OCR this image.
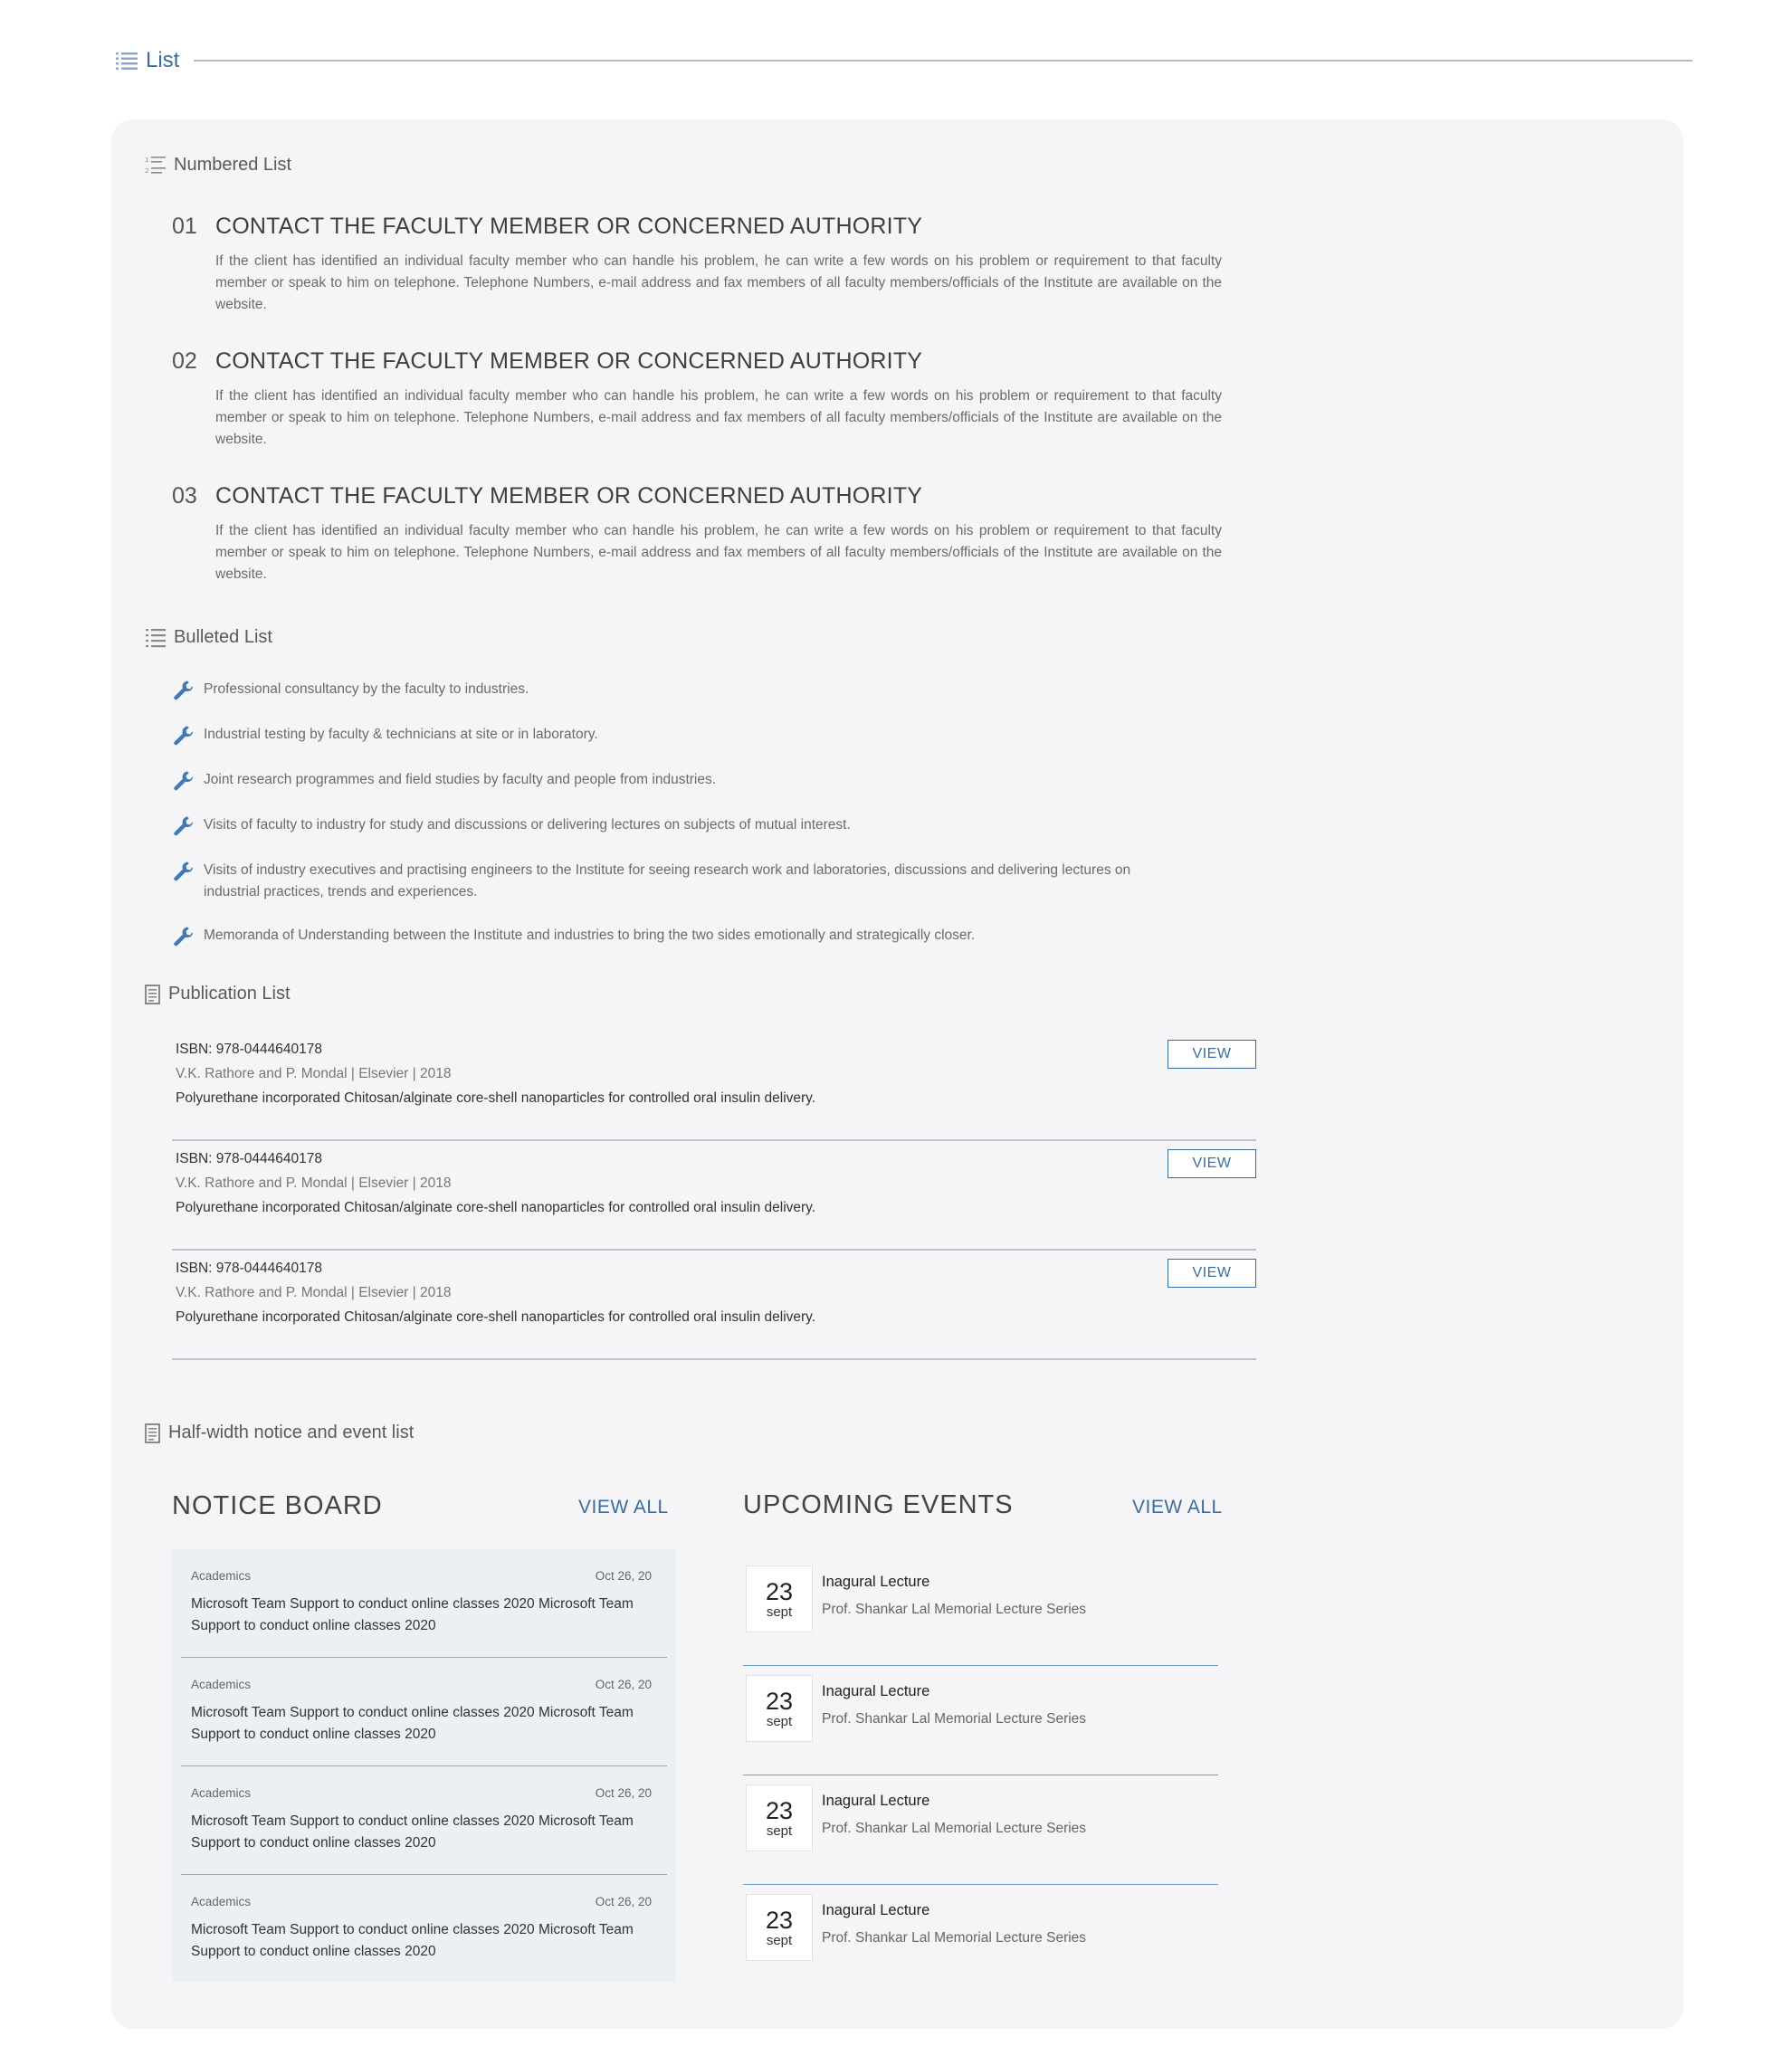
List
1
2 Numbered List
01 CONTACT THE FACULTY MEMBER OR CONCERNED AUTHORITY

If the client has identified an individual faculty member who can handle his problem, he can write a few words on his problem or requirement to that faculty member or speak to him on telephone. Telephone Numbers, e-mail address and fax members of all faculty members/officials of the Institute are available on the website.

02 CONTACT THE FACULTY MEMBER OR CONCERNED AUTHORITY

If the client has identified an individual faculty member who can handle his problem, he can write a few words on his problem or requirement to that faculty member or speak to him on telephone. Telephone Numbers, e-mail address and fax members of all faculty members/officials of the Institute are available on the website.

03 CONTACT THE FACULTY MEMBER OR CONCERNED AUTHORITY

If the client has identified an individual faculty member who can handle his problem, he can write a few words on his problem or requirement to that faculty member or speak to him on telephone. Telephone Numbers, e-mail address and fax members of all faculty members/officials of the Institute are available on the website.

Bulleted List
Professional consultancy by the faculty to industries.
Industrial testing by faculty & technicians at site or in laboratory.
Joint research programmes and field studies by faculty and people from industries.
Visits of faculty to industry for study and discussions or delivering lectures on subjects of mutual interest.
Visits of industry executives and practising engineers to the Institute for seeing research work and laboratories, discussions and delivering lectures on industrial practices, trends and experiences.
Memoranda of Understanding between the Institute and industries to bring the two sides emotionally and strategically closer.
Publication List
ISBN: 978-0444640178
V.K. Rathore and P. Mondal | Elsevier | 2018
Polyurethane incorporated Chitosan/alginate core-shell nanoparticles for controlled oral insulin delivery.
VIEW
ISBN: 978-0444640178
V.K. Rathore and P. Mondal | Elsevier | 2018
Polyurethane incorporated Chitosan/alginate core-shell nanoparticles for controlled oral insulin delivery.
VIEW
ISBN: 978-0444640178
V.K. Rathore and P. Mondal | Elsevier | 2018
Polyurethane incorporated Chitosan/alginate core-shell nanoparticles for controlled oral insulin delivery.
VIEW
Half-width notice and event list
NOTICE BOARD	VIEW ALL
Academics	Oct 26, 20
Microsoft Team Support to conduct online classes 2020 Microsoft Team Support to conduct online classes 2020
Academics	Oct 26, 20
Microsoft Team Support to conduct online classes 2020 Microsoft Team Support to conduct online classes 2020
Academics	Oct 26, 20
Microsoft Team Support to conduct online classes 2020 Microsoft Team Support to conduct online classes 2020
Academics	Oct 26, 20
Microsoft Team Support to conduct online classes 2020 Microsoft Team Support to conduct online classes 2020
UPCOMING EVENTS	VIEW ALL
23
sept
Inagural Lecture
Prof. Shankar Lal Memorial Lecture Series
23
sept
Inagural Lecture
Prof. Shankar Lal Memorial Lecture Series
23
sept
Inagural Lecture
Prof. Shankar Lal Memorial Lecture Series
23
sept
Inagural Lecture
Prof. Shankar Lal Memorial Lecture Series
